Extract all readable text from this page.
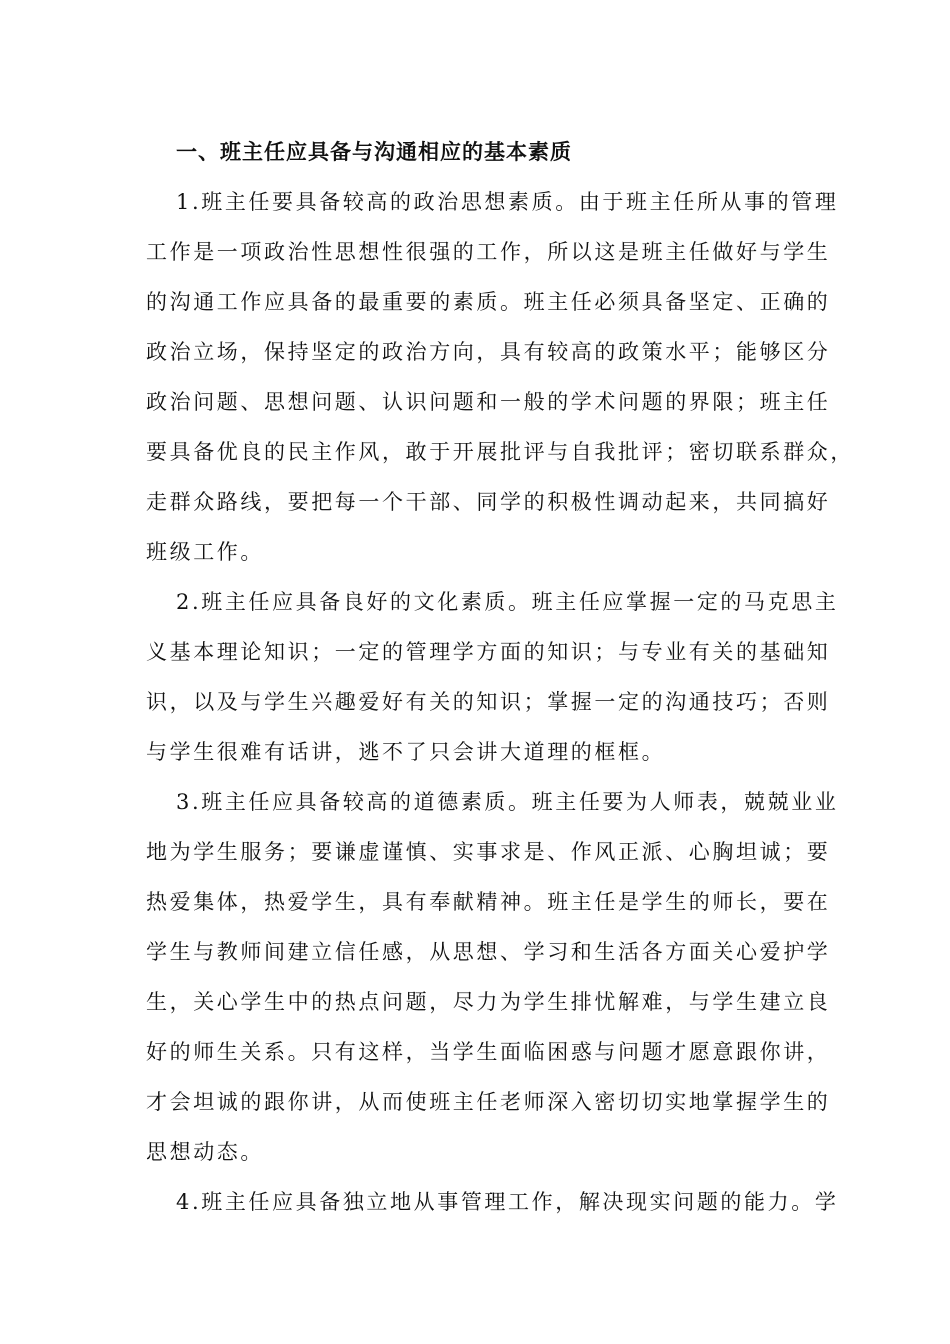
一、班主任应具备与沟通相应的基本素质
1.班主任要具备较高的政治思想素质。由于班主任所从事的管理
工作是一项政治性思想性很强的工作，所以这是班主任做好与学生
的沟通工作应具备的最重要的素质。班主任必须具备坚定、正确的
政治立场，保持坚定的政治方向，具有较高的政策水平；能够区分
政治问题、思想问题、认识问题和一般的学术问题的界限；班主任
要具备优良的民主作风，敢于开展批评与自我批评；密切联系群众，
走群众路线，要把每一个干部、同学的积极性调动起来，共同搞好
班级工作。
2.班主任应具备良好的文化素质。班主任应掌握一定的马克思主
义基本理论知识；一定的管理学方面的知识；与专业有关的基础知
识，以及与学生兴趣爱好有关的知识；掌握一定的沟通技巧；否则
与学生很难有话讲，逃不了只会讲大道理的框框。
3.班主任应具备较高的道德素质。班主任要为人师表，兢兢业业
地为学生服务；要谦虚谨慎、实事求是、作风正派、心胸坦诚；要
热爱集体，热爱学生，具有奉献精神。班主任是学生的师长，要在
学生与教师间建立信任感，从思想、学习和生活各方面关心爱护学
生，关心学生中的热点问题，尽力为学生排忧解难，与学生建立良
好的师生关系。只有这样，当学生面临困惑与问题才愿意跟你讲，
才会坦诚的跟你讲，从而使班主任老师深入密切切实地掌握学生的
思想动态。
4.班主任应具备独立地从事管理工作，解决现实问题的能力。学
